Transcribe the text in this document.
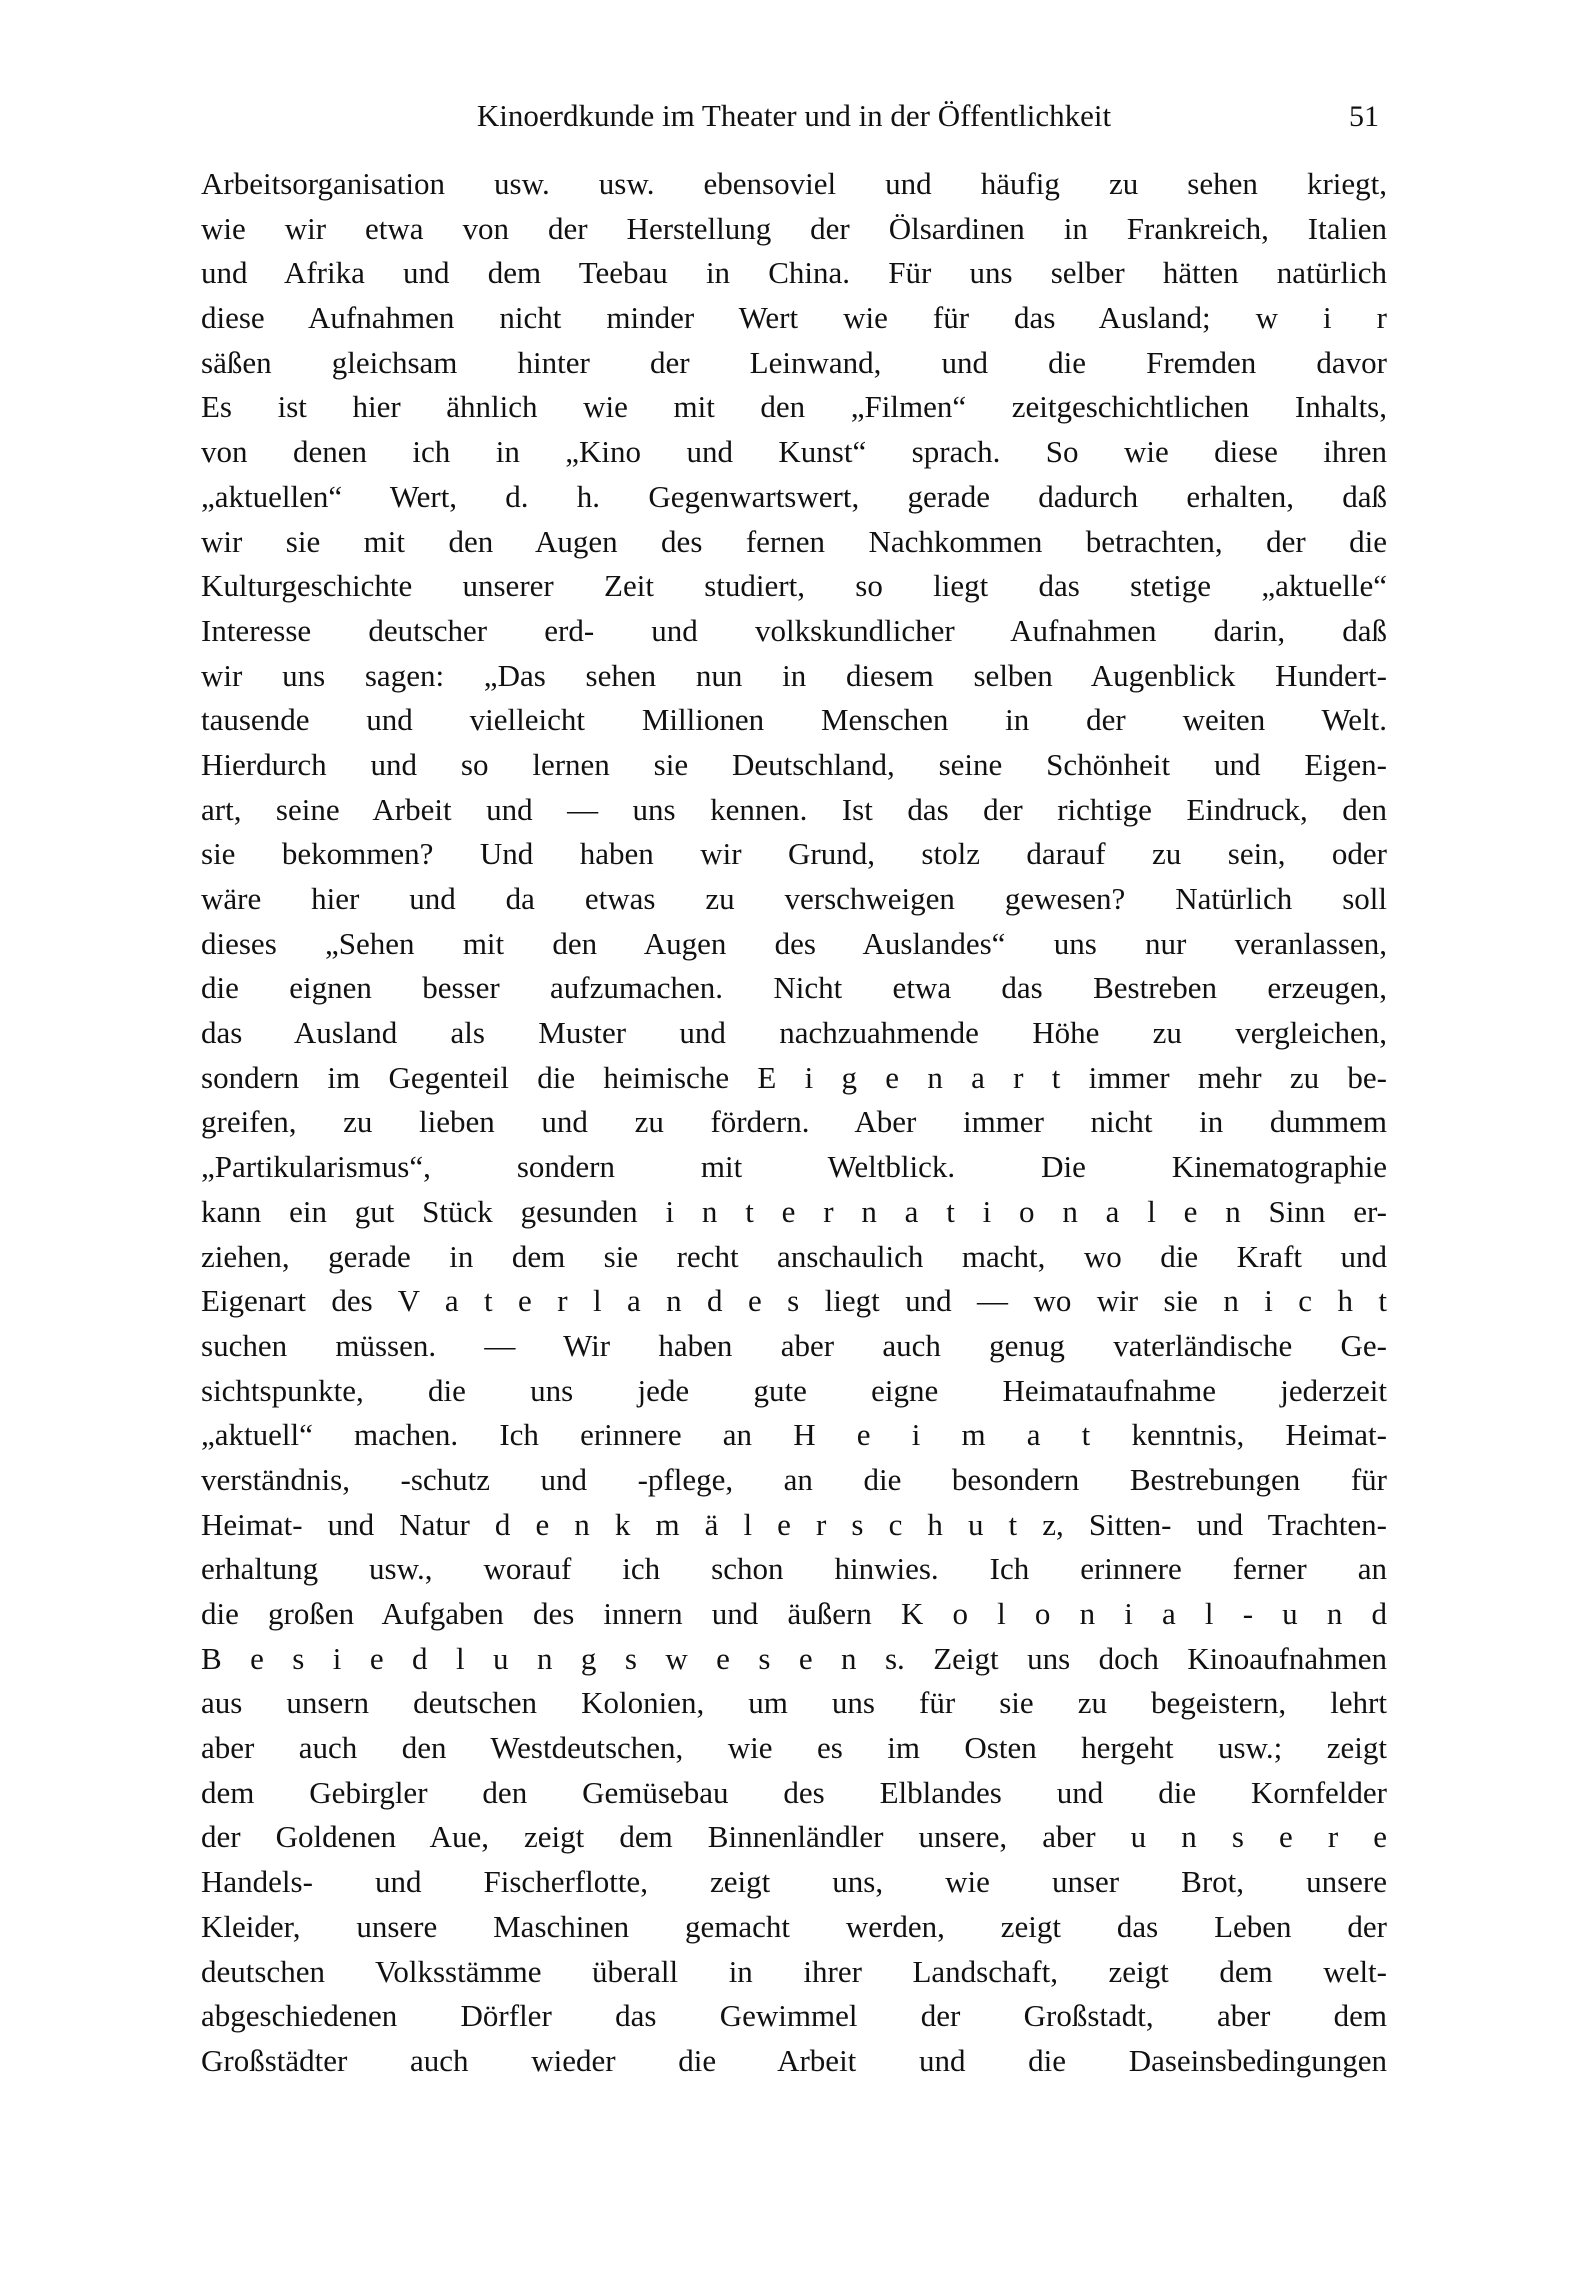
Kinoerdkunde im Theater und in der Öffentlichkeit	51
Arbeitsorganisation usw. usw. ebensoviel und häufig zu sehen kriegt,
wie wir etwa von der Herstellung der Ölsardinen in Frankreich, Italien
und Afrika und dem Teebau in China. Für uns selber hätten natürlich
diese Aufnahmen nicht minder Wert wie für das Ausland; w i r
säßen gleichsam hinter der Leinwand, und die Fremden davor
Es ist hier ähnlich wie mit den „Filmen“ zeitgeschichtlichen Inhalts,
von denen ich in „Kino und Kunst“ sprach. So wie diese ihren
„aktuellen“ Wert, d. h. Gegenwartswert, gerade dadurch erhalten, daß
wir sie mit den Augen des fernen Nachkommen betrachten, der die
Kulturgeschichte unserer Zeit studiert, so liegt das stetige „aktuelle“
Interesse deutscher erd- und volkskundlicher Aufnahmen darin, daß
wir uns sagen: „Das sehen nun in diesem selben Augenblick Hundert-
tausende und vielleicht Millionen Menschen in der weiten Welt.
Hierdurch und so lernen sie Deutschland, seine Schönheit und Eigen-
art, seine Arbeit und — uns kennen. Ist das der richtige Eindruck, den
sie bekommen? Und haben wir Grund, stolz darauf zu sein, oder
wäre hier und da etwas zu verschweigen gewesen? Natürlich soll
dieses „Sehen mit den Augen des Auslandes“ uns nur veranlassen,
die eignen besser aufzumachen. Nicht etwa das Bestreben erzeugen,
das Ausland als Muster und nachzuahmende Höhe zu vergleichen,
sondern im Gegenteil die heimische E i g e n a r t immer mehr zu be-
greifen, zu lieben und zu fördern. Aber immer nicht in dummem
„Partikularismus“, sondern mit Weltblick. Die Kinematographie
kann ein gut Stück gesunden i n t e r n a t i o n a l e n Sinn er-
ziehen, gerade in dem sie recht anschaulich macht, wo die Kraft und
Eigenart des V a t e r l a n d e s liegt und — wo wir sie n i c h t
suchen müssen. — Wir haben aber auch genug vaterländische Ge-
sichtspunkte, die uns jede gute eigne Heimataufnahme jederzeit
„aktuell“ machen. Ich erinnere an H e i m a t kenntnis, Heimat-
verständnis, -schutz und -pflege, an die besondern Bestrebungen für
Heimat- und Natur d e n k m ä l e r s c h u t z, Sitten- und Trachten-
erhaltung usw., worauf ich schon hinwies. Ich erinnere ferner an
die großen Aufgaben des innern und äußern K o l o n i a l - u n d
B e s i e d l u n g s w e s e n s. Zeigt uns doch Kinoaufnahmen
aus unsern deutschen Kolonien, um uns für sie zu begeistern, lehrt
aber auch den Westdeutschen, wie es im Osten hergeht usw.; zeigt
dem Gebirgler den Gemüsebau des Elblandes und die Kornfelder
der Goldenen Aue, zeigt dem Binnenländler unsere, aber u n s e r e
Handels- und Fischerflotte, zeigt uns, wie unser Brot, unsere
Kleider, unsere Maschinen gemacht werden, zeigt das Leben der
deutschen Volksstämme überall in ihrer Landschaft, zeigt dem welt-
abgeschiedenen Dörfler das Gewimmel der Großstadt, aber dem
Großstädter auch wieder die Arbeit und die Daseinsbedingungen
